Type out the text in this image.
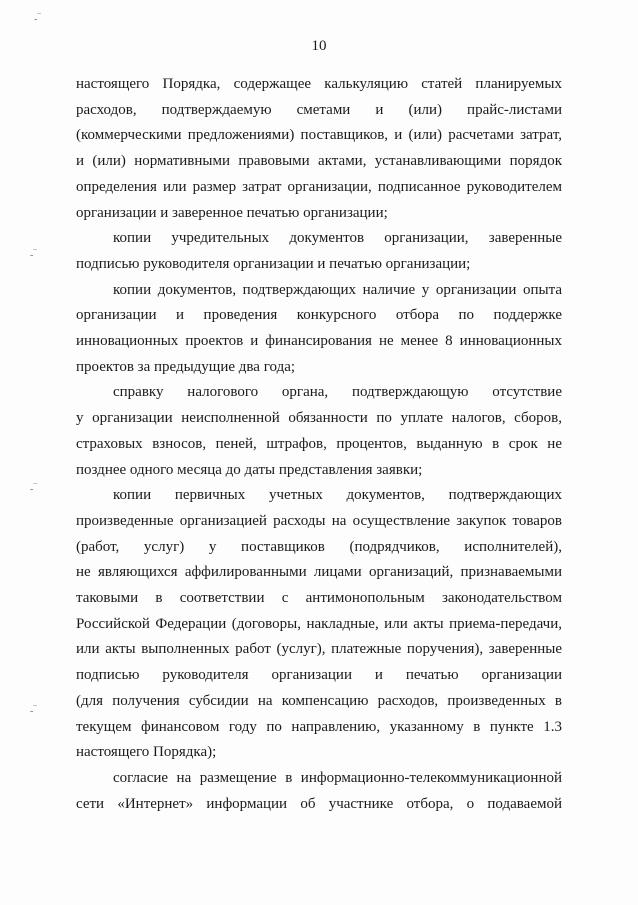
10

настоящего Порядка, содержащее калькуляцию статей планируемых
расходов, подтверждаемую сметами и (или) прайс-листами
(коммерческими предложениями) поставщиков, и (или) расчетами затрат,
и (или) нормативными правовыми актами, устанавливающими порядок
определения или размер затрат организации, подписанное руководителем
организации и заверенное печатью организации;

копии учредительных документов организации, заверенные
подписью руководителя организации и печатью организации;

копии документов, подтверждающих наличие у организации опыта
организации и проведения конкурсного отбора по поддержке
инновационных проектов и финансирования не менее 8 инновационных
проектов за предыдущие два года;

справку налогового органа, подтверждающую отсутствие
у организации неисполненной обязанности по уплате налогов, сборов,
страховых взносов, пеней, штрафов, процентов, выданную в срок не
позднее одного месяца до даты представления заявки;

копии первичных учетных документов, подтверждающих
произведенные организацией расходы на осуществление закупок товаров
(работ, услуг) у поставщиков (подрядчиков, исполнителей),
не являющихся аффилированными лицами организаций, признаваемыми
таковыми в соответствии с антимонопольным законодательством
Российской Федерации (договоры, накладные, или акты приема-передачи,
или акты выполненных работ (услуг), платежные поручения), заверенные
подписью руководителя организации и печатью организации
(для получения субсидии на компенсацию расходов, произведенных в
текущем финансовом году по направлению, указанному в пункте 1.3
настоящего Порядка);

согласие на размещение в информационно-телекоммуникационной
сети «Интернет» информации об участнике отбора, о подаваемой

-‾
-‾
-‾
-‾
